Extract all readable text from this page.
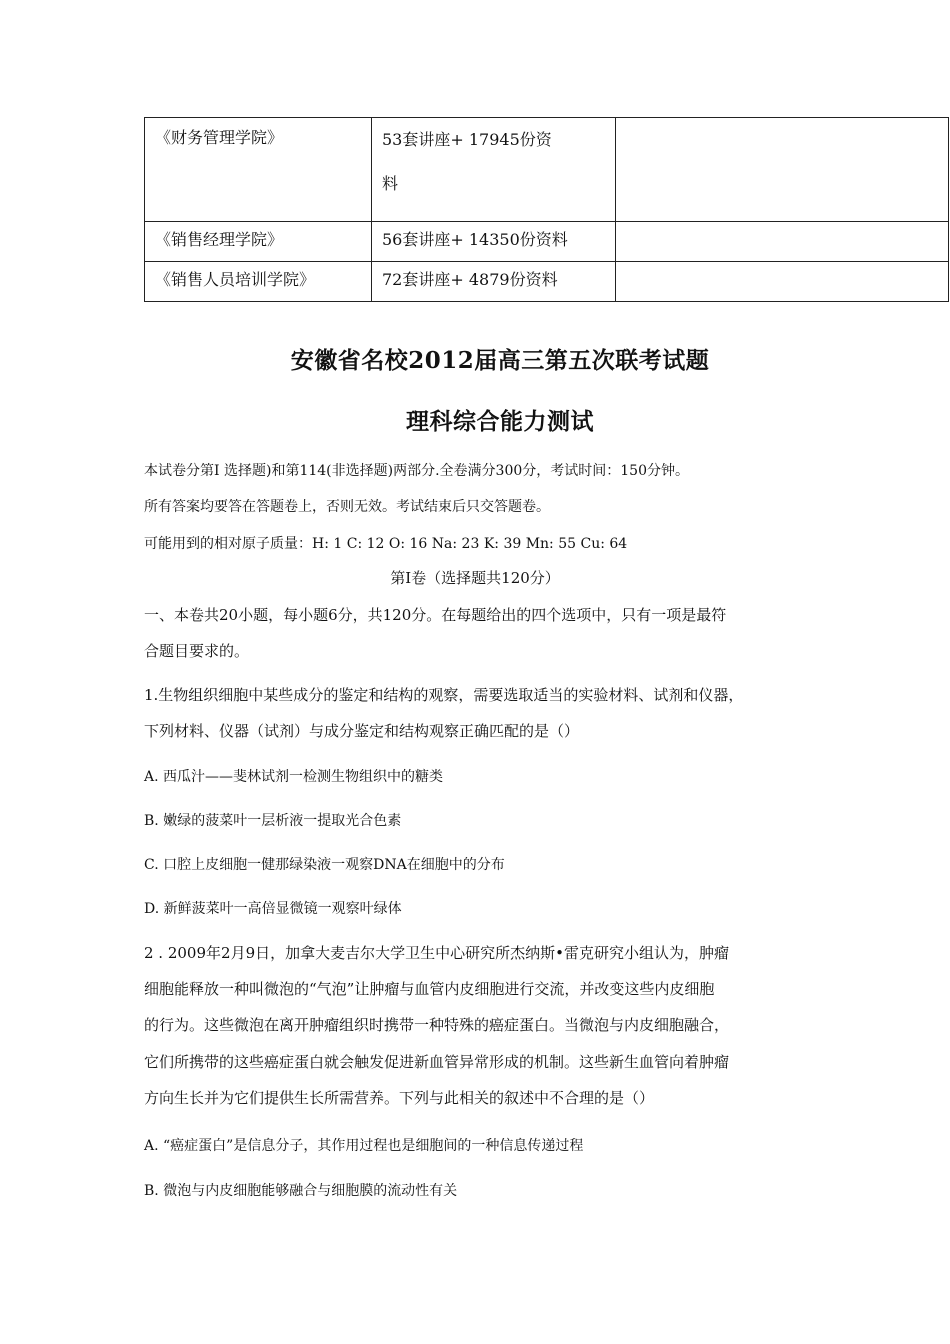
《财务管理学院》	53套讲座+ 17945份资
料	
《销售经理学院》	56套讲座+ 14350份资料	
《销售人员培训学院》	72套讲座+ 4879份资料	
安徽省名校2012届高三第五次联考试题
理科综合能力测试
本试卷分第I 选择题)和第114(非选择题)两部分.全卷满分300分，考试时间：150分钟。
所有答案均要答在答题卷上，否则无效。考试结束后只交答题卷。
可能用到的相对原子质量：H: 1 C: 12 O: 16 Na: 23 K: 39 Mn: 55 Cu: 64
第Ⅰ卷（选择题共120分）
一、本卷共20小题，每小题6分，共120分。在每题给出的四个选项中，只有一项是最符
合题目要求的。
1.生物组织细胞中某些成分的鉴定和结构的观察，需要选取适当的实验材料、试剂和仪器，
下列材料、仪器（试剂）与成分鉴定和结构观察正确匹配的是（）
A. 西瓜汁——斐林试剂一检测生物组织中的糖类
B. 嫩绿的菠菜叶一层析液一提取光合色素
C. 口腔上皮细胞一健那绿染液一观察DNA在细胞中的分布
D. 新鲜菠菜叶一高倍显微镜一观察叶绿体
2 . 2009年2月9日，加拿大麦吉尔大学卫生中心研究所杰纳斯•雷克研究小组认为，肿瘤
细胞能释放一种叫微泡的“气泡”让肿瘤与血管内皮细胞进行交流，并改变这些内皮细胞
的行为。这些微泡在离开肿瘤组织时携带一种特殊的癌症蛋白。当微泡与内皮细胞融合，
它们所携带的这些癌症蛋白就会触发促进新血管异常形成的机制。这些新生血管向着肿瘤
方向生长并为它们提供生长所需营养。下列与此相关的叙述中不合理的是（）
A. “癌症蛋白”是信息分子，其作用过程也是细胞间的一种信息传递过程
B. 微泡与内皮细胞能够融合与细胞膜的流动性有关
